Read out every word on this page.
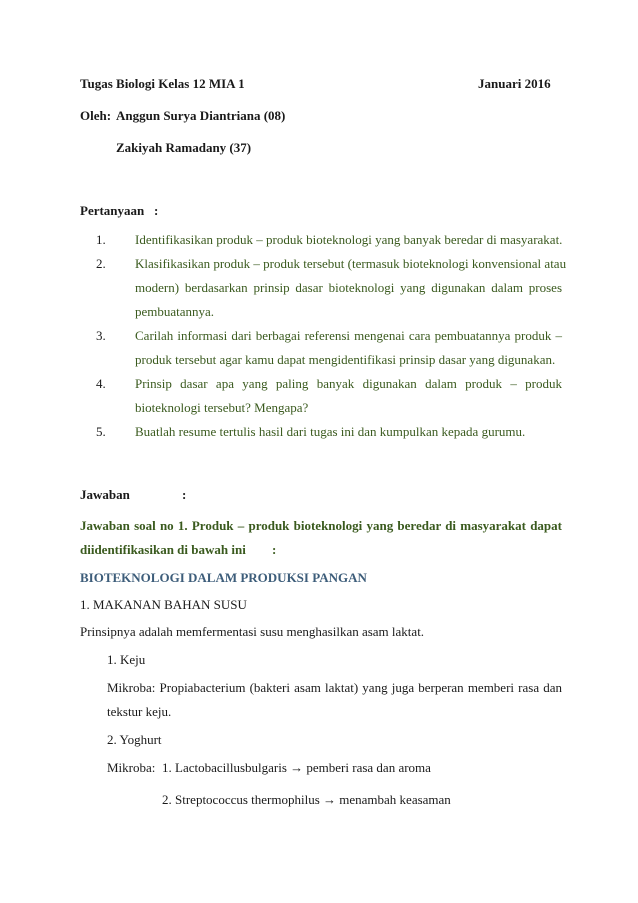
Tugas Biologi Kelas 12 MIA 1	Januari 2016
Oleh: Anggun Surya Diantriana (08)
Zakiyah Ramadany (37)
Pertanyaan :
1. Identifikasikan produk – produk bioteknologi yang banyak beredar di masyarakat.
2. Klasifikasikan produk – produk tersebut (termasuk bioteknologi konvensional atau
modern) berdasarkan prinsip dasar bioteknologi yang digunakan dalam proses
pembuatannya.
3. Carilah informasi dari berbagai referensi mengenai cara pembuatannya produk –
produk tersebut agar kamu dapat mengidentifikasi prinsip dasar yang digunakan.
4. Prinsip dasar apa yang paling banyak digunakan dalam produk – produk
bioteknologi tersebut? Mengapa?
5. Buatlah resume tertulis hasil dari tugas ini dan kumpulkan kepada gurumu.
Jawaban	:
Jawaban soal no 1. Produk – produk bioteknologi yang beredar di masyarakat dapat
diidentifikasikan di bawah ini :
BIOTEKNOLOGI DALAM PRODUKSI PANGAN
1. MAKANAN BAHAN SUSU
Prinsipnya adalah memfermentasi susu menghasilkan asam laktat.
1. Keju
Mikroba: Propiabacterium (bakteri asam laktat) yang juga berperan memberi rasa dan
tekstur keju.
2. Yoghurt
Mikroba: 1. Lactobacillusbulgaris → pemberi rasa dan aroma
2. Streptococcus thermophilus → menambah keasaman
